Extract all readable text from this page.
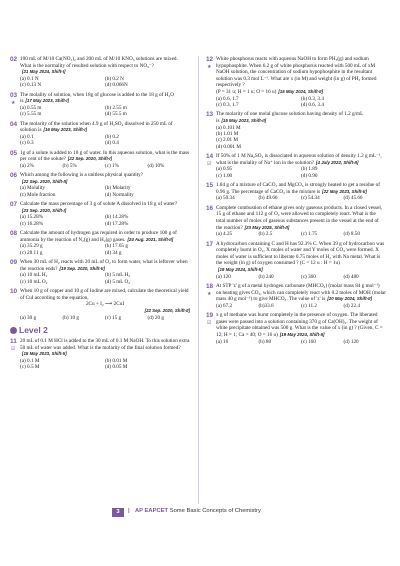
02 100 mL of M/10 Ca(NO₃)₂ and 200 mL of M/10 KNO₃ solutions are mixed. What is the normality of resulted solution with respect to NO₃⁻?[21 May 2024, Shift-I]
(a) 0.1 N	(b) 0.2 N
(c) 0.13 N	(d) 0.066N
03
★
The molality of solution, when 18g of glucose is added to the 18 g of H₂O is [17 May 2023, Shift-I]
(a) 0.55 m	(b) 2.55 m
(c) 5.55 m	(d) 55.5 m
04 The molarity of the solution when 4.9 g of H₂SO₄ dissolved in 250 mL of solution is [16 May 2023, Shift-I]
(a) 0.1	(b) 0.2
(c) 0.3	(d) 0.4
05 1g of a solute is added to 18 g of water. In this aqueous solution, what is the mass per cent of the solute? [22 Sep. 2020, Shift-I]
(a) 2%	(b) 5%	(c) 1%	(d) 10%
06 Which among the following is a unitless physical quantity?[22 Sep. 2020, Shift-II]
(a) Molality	(b) Molarity
(c) Mole fraction	(d) Normality
07 Calculate the mass percentage of 3 g of solute A dissolved in 18 g of water?[23 Sep. 2020, Shift-I]
(a) 15.28%	(b) 14.28%
(c) 16.28%	(d) 17.28%
08 Calculate the amount of hydrogen gas required in order to produce 100 g of ammonia by the reaction of N₂(g) and H₂(g) gases. [24 Aug. 2021, Shift-II]
(a) 35.29 g	(b) 17.65 g
(c) 28.11 g	(d) 34 g
09 When 30 mL of H₂ reacts with 20 mL of O₂ to form water, what is leftover when the reaction ends? [19 Sep. 2020, Shift-II]
(a) 10 mL H₂	(b) 5 mL H₂
(c) 10 mL O₂	(d) 5 mL O₂
10 When 10 g of copper and 10 g of Iodine are mixed, calculate the theoretical yield of CuI according to the equation,
2Cu + I₂ ⟶ 2CuI
[22 Sep. 2020, Shift-II]
(a) 30 g	(b) 10 g	(c) 15 g	(d) 20 g
Level 2
11
☑
20 mL of 0.1 M HCl is added to the 30 mL of 0.1 M NaOH. To this solution extra 50 mL of water was added. What is the molarity of the final solution formed?[15 May 2023, Shift-II]
(a) 0.1 M	(b) 0.01 M
(c) 0.5 M	(d) 0.05 M
12
★
White phosphorus reacts with aqueous NaOH to form PH₃(g) and sodium hypophosphite. When 6.2 g of white phosphorus reacted with 500 mL of xM NaOH solution, the concentration of sodium hypophosphite in the resultant solution was 0.3 mol L⁻¹. What are x (in M) and weight (in g) of PH₃ formed respectively ?
(P = 31 u; H = 1 u; O = 16 u) [15 May 2024, Shift-II]
(a) 0.6, 1.7	(b) 0.3, 3.4
(c) 0.3, 1.7	(d) 0.6, 3.4
13 The molarity of one molal glucose solution having density of 1.2 g/mL is [15 May 2023, Shift-II]
(a) 0.101 M
(b) 1.01 M
(c) 2.01 M
(d) 0.001 M
14
☑
If 50% of 1 M Na₂SO₄ is dissociated in aqueous solution of density 1.2 g mL⁻¹, what is the molality of Na⁺ ion in the solution? [4 July 2022, Shift-II]
(a) 0.95	(b) 1.89
(c) 1.00	(d) 0.90
15 1.84 g of a mixture of CaCO₃ and MgCO₃ is strongly heated to get a residue of 0.96 g. The percentage of CaCO₃ in the mixture is [22 May 2023, Shift-II]
(a) 50.34	(b) 49.66	(c) 54.34	(d) 45.66
16 Complete combustion of ethane gives only gaseous products. In a closed vessel, 15 g of ethane and 112 g of O₂ were allowed to completely react. What is the total number of moles of gaseous substances present in the vessel at the end of the reaction? [23 May 2025, Shift-II]
(a) 4.25	(b) 2.5	(c) 1.75	(d) 8.50
17 A hydrocarbon containing C and H has 92.3% C. When 39 g of hydrocarbon was completely burnt in O₂, X moles of water and Y moles of CO₂ were formed. X moles of water is sufficient to liberate 0.75 moles of H₂ with Na metal. What is the weight (in g) of oxygen consumed ? (C = 12 u : H = 1u)[19 May 2024, Shift-II]
(a) 120	(b) 240	(c) 360	(d) 480
18
★
At STP 'z' g of a metal hydrogen carbonate (MHCO₃) (molar mass 84 g mol⁻¹) on heating gives CO₂, which can completely react with 0.2 moles of MOH (molar mass 40 g mol⁻¹) to give MHCO₃. The value of 'z' is [20 May 2024, Shift-II]
(a) 67.2	(b)33.6	(c) 11.2	(d) 22.4
19
☑
x g of methane was burnt completely in the presence of oxygen. The liberated gases were passed into a solution containing 370 g of Ca(OH)₂. The weight of white precipitate obtained was 500 g. What is the value of x (in g) ? (Given, C = 12; H = 1; Ca = 40; O = 16 u) [19 May 2024, Shift-II]
(a) 16	(b) 80	(c) 160	(d) 120
3	| AP EAPCET Some Basic Concepts of Chemistry
